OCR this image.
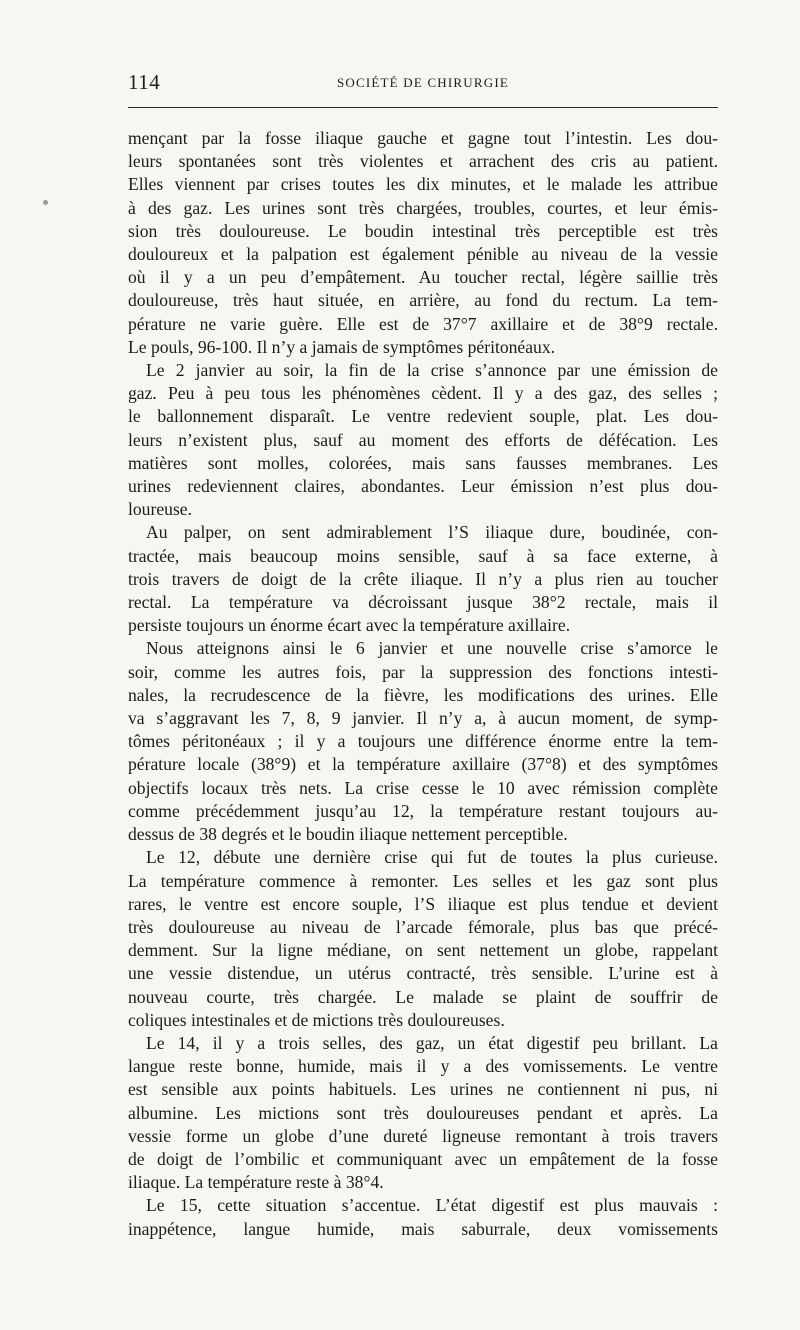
114	SOCIÉTÉ DE CHIRURGIE

mençant par la fosse iliaque gauche et gagne tout l’intestin. Les dou-

leurs spontanées sont très violentes et arrachent des cris au patient.

Elles viennent par crises toutes les dix minutes, et le malade les attribue

à des gaz. Les urines sont très chargées, troubles, courtes, et leur émis-

sion très douloureuse. Le boudin intestinal très perceptible est très

douloureux et la palpation est également pénible au niveau de la vessie

où il y a un peu d’empâtement. Au toucher rectal, légère saillie très

douloureuse, très haut située, en arrière, au fond du rectum. La tem-

pérature ne varie guère. Elle est de 37°7 axillaire et de 38°9 rectale.

Le pouls, 96-100. Il n’y a jamais de symptômes péritonéaux.

Le 2 janvier au soir, la fin de la crise s’annonce par une émission de

gaz. Peu à peu tous les phénomènes cèdent. Il y a des gaz, des selles ;

le ballonnement disparaît. Le ventre redevient souple, plat. Les dou-

leurs n’existent plus, sauf au moment des efforts de défécation. Les

matières sont molles, colorées, mais sans fausses membranes. Les

urines redeviennent claires, abondantes. Leur émission n’est plus dou-

loureuse.

Au palper, on sent admirablement l’S iliaque dure, boudinée, con-

tractée, mais beaucoup moins sensible, sauf à sa face externe, à

trois travers de doigt de la crête iliaque. Il n’y a plus rien au toucher

rectal. La température va décroissant jusque 38°2 rectale, mais il

persiste toujours un énorme écart avec la température axillaire.

Nous atteignons ainsi le 6 janvier et une nouvelle crise s’amorce le

soir, comme les autres fois, par la suppression des fonctions intesti-

nales, la recrudescence de la fièvre, les modifications des urines. Elle

va s’aggravant les 7, 8, 9 janvier. Il n’y a, à aucun moment, de symp-

tômes péritonéaux ; il y a toujours une différence énorme entre la tem-

pérature locale (38°9) et la température axillaire (37°8) et des symptômes

objectifs locaux très nets. La crise cesse le 10 avec rémission complète

comme précédemment jusqu’au 12, la température restant toujours au-

dessus de 38 degrés et le boudin iliaque nettement perceptible.

Le 12, débute une dernière crise qui fut de toutes la plus curieuse.

La température commence à remonter. Les selles et les gaz sont plus

rares, le ventre est encore souple, l’S iliaque est plus tendue et devient

très douloureuse au niveau de l’arcade fémorale, plus bas que précé-

demment. Sur la ligne médiane, on sent nettement un globe, rappelant

une vessie distendue, un utérus contracté, très sensible. L’urine est à

nouveau courte, très chargée. Le malade se plaint de souffrir de

coliques intestinales et de mictions très douloureuses.

Le 14, il y a trois selles, des gaz, un état digestif peu brillant. La

langue reste bonne, humide, mais il y a des vomissements. Le ventre

est sensible aux points habituels. Les urines ne contiennent ni pus, ni

albumine. Les mictions sont très douloureuses pendant et après. La

vessie forme un globe d’une dureté ligneuse remontant à trois travers

de doigt de l’ombilic et communiquant avec un empâtement de la fosse

iliaque. La température reste à 38°4.

Le 15, cette situation s’accentue. L’état digestif est plus mauvais :

inappétence, langue humide, mais saburrale, deux vomissements
